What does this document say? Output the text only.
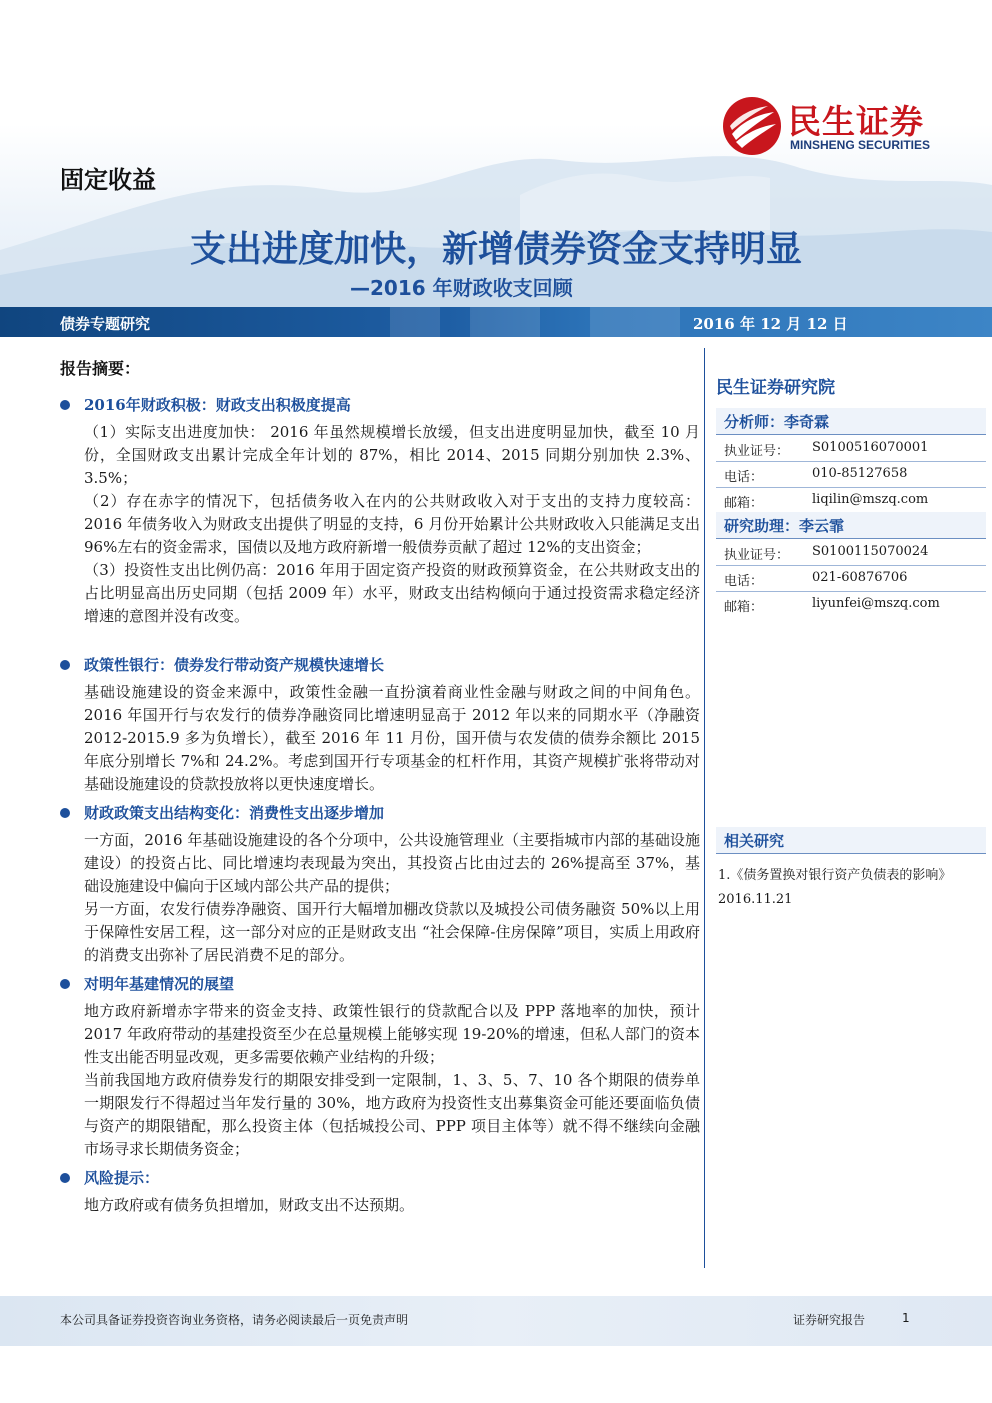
民生证券
MINSHENG SECURITIES
固定收益
支出进度加快，新增债券资金支持明显
—2016 年财政收支回顾
债券专题研究	2016 年 12 月 12 日
报告摘要：
2016年财政积极：财政支出积极度提高

（1）实际支出进度加快： 2016 年虽然规模增长放缓，但支出进度明显加快，截至 10 月份，全国财政支出累计完成全年计划的 87%，相比 2014、2015 同期分别加快 2.3%、3.5%；

（2）存在赤字的情况下，包括债务收入在内的公共财政收入对于支出的支持力度较高：2016 年债务收入为财政支出提供了明显的支持，6 月份开始累计公共财政收入只能满足支出 96%左右的资金需求，国债以及地方政府新增一般债券贡献了超过 12%的支出资金；

（3）投资性支出比例仍高：2016 年用于固定资产投资的财政预算资金，在公共财政支出的占比明显高出历史同期（包括 2009 年）水平，财政支出结构倾向于通过投资需求稳定经济增速的意图并没有改变。

政策性银行：债券发行带动资产规模快速增长

基础设施建设的资金来源中，政策性金融一直扮演着商业性金融与财政之间的中间角色。2016 年国开行与农发行的债券净融资同比增速明显高于 2012 年以来的同期水平（净融资 2012-2015.9 多为负增长），截至 2016 年 11 月份，国开债与农发债的债券余额比 2015 年底分别增长 7%和 24.2%。考虑到国开行专项基金的杠杆作用，其资产规模扩张将带动对基础设施建设的贷款投放将以更快速度增长。

财政政策支出结构变化：消费性支出逐步增加

一方面，2016 年基础设施建设的各个分项中，公共设施管理业（主要指城市内部的基础设施建设）的投资占比、同比增速均表现最为突出，其投资占比由过去的 26%提高至 37%，基础设施建设中偏向于区域内部公共产品的提供；

另一方面，农发行债券净融资、国开行大幅增加棚改贷款以及城投公司债务融资 50%以上用于保障性安居工程，这一部分对应的正是财政支出 “社会保障-住房保障”项目，实质上用政府的消费支出弥补了居民消费不足的部分。

对明年基建情况的展望

地方政府新增赤字带来的资金支持、政策性银行的贷款配合以及 PPP 落地率的加快，预计 2017 年政府带动的基建投资至少在总量规模上能够实现 19-20%的增速，但私人部门的资本性支出能否明显改观，更多需要依赖产业结构的升级；

当前我国地方政府债券发行的期限安排受到一定限制，1、3、5、7、10 各个期限的债券单一期限发行不得超过当年发行量的 30%，地方政府为投资性支出募集资金可能还要面临负债与资产的期限错配，那么投资主体（包括城投公司、PPP 项目主体等）就不得不继续向金融市场寻求长期债务资金；

风险提示：

地方政府或有债务负担增加，财政支出不达预期。

民生证券研究院
分析师：李奇霖
执业证号： S0100516070001
电话：	010-85127658
邮箱：	liqilin@mszq.com
研究助理：李云霏
执业证号： S0100115070024
电话：	021-60876706
邮箱：	liyunfei@mszq.com
相关研究
1.《债务置换对银行资产负债表的影响》
2016.11.21
本公司具备证券投资咨询业务资格，请务必阅读最后一页免责声明	证券研究报告	1
